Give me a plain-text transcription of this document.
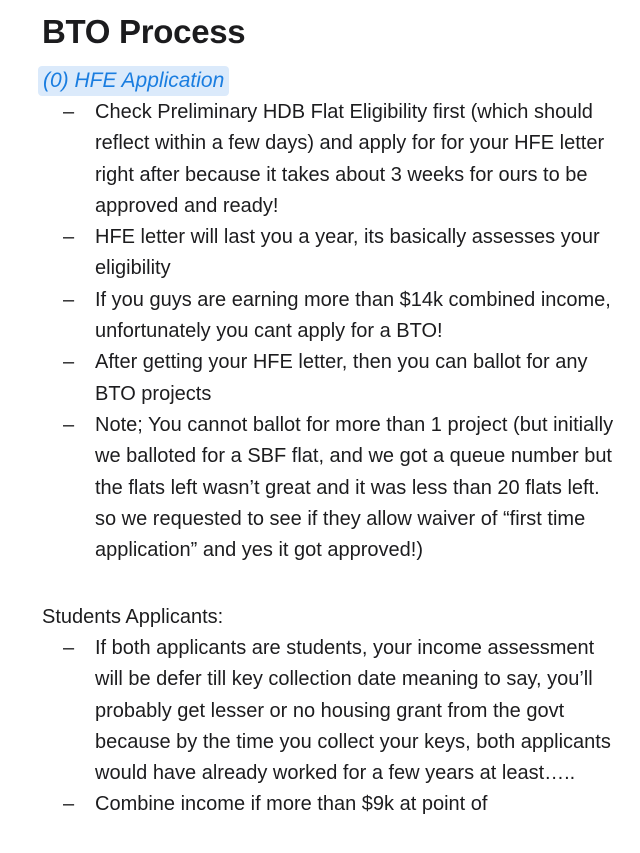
BTO Process
(0) HFE Application
– Check Preliminary HDB Flat Eligibility first (which should reflect within a few days) and apply for for your HFE letter right after because it takes about 3 weeks for ours to be approved and ready!
– HFE letter will last you a year, its basically assesses your eligibility
– If you guys are earning more than $14k combined income, unfortunately you cant apply for a BTO!
– After getting your HFE letter, then you can ballot for any BTO projects
– Note; You cannot ballot for more than 1 project (but initially we balloted for a SBF flat, and we got a queue number but the flats left wasn’t great and it was less than 20 flats left. so we requested to see if they allow waiver of “first time application” and yes it got approved!)
Students Applicants:
– If both applicants are students, your income assessment will be defer till key collection date meaning to say, you’ll probably get lesser or no housing grant from the govt because by the time you collect your keys, both applicants would have already worked for a few years at least…..
– Combine income if more than $9k at point of
